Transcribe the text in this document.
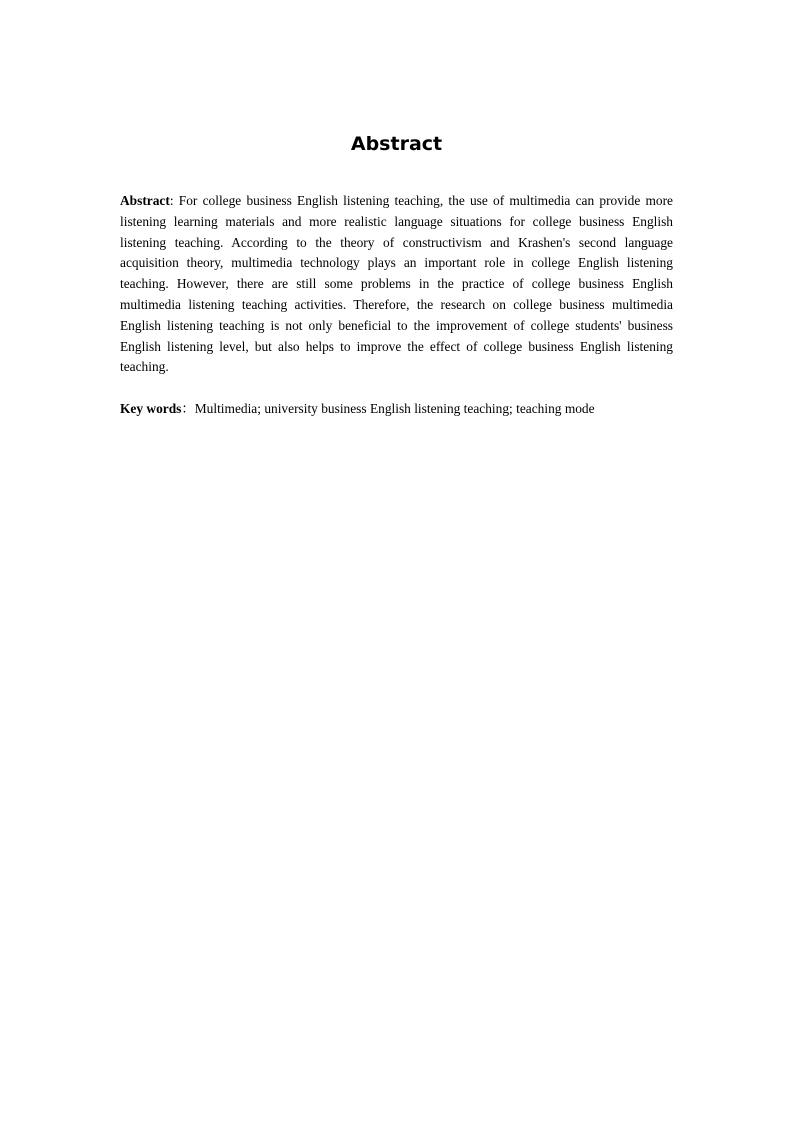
Abstract

Abstract: For college business English listening teaching, the use of multimedia can provide more listening learning materials and more realistic language situations for college business English listening teaching. According to the theory of constructivism and Krashen's second language acquisition theory, multimedia technology plays an important role in college English listening teaching. However, there are still some problems in the practice of college business English multimedia listening teaching activities. Therefore, the research on college business multimedia English listening teaching is not only beneficial to the improvement of college students' business English listening level, but also helps to improve the effect of college business English listening teaching.

Key words：Multimedia; university business English listening teaching; teaching mode
